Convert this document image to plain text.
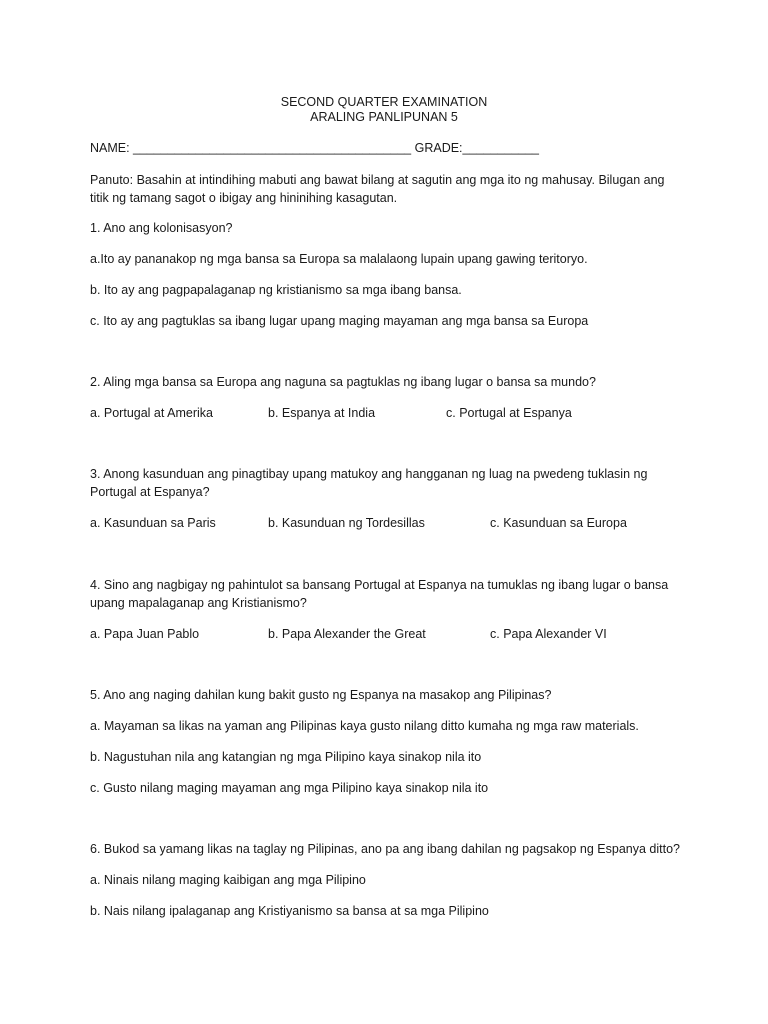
SECOND QUARTER EXAMINATION
ARALING PANLIPUNAN 5
NAME: ________________________________________ GRADE:___________
Panuto: Basahin at intindihing mabuti ang bawat bilang at sagutin ang mga ito ng mahusay. Bilugan ang
titik ng tamang sagot o ibigay ang hininihing kasagutan.
1. Ano ang kolonisasyon?
a.Ito ay pananakop ng mga bansa sa Europa sa malalaong lupain upang gawing teritoryo.
b. Ito ay ang pagpapalaganap ng kristianismo sa mga ibang bansa.
c. Ito ay ang pagtuklas sa ibang lugar upang maging mayaman ang mga bansa sa Europa
2. Aling mga bansa sa Europa ang naguna sa pagtuklas ng ibang lugar o bansa sa mundo?
a. Portugal at Amerika	b. Espanya at India	c. Portugal at Espanya
3. Anong kasunduan ang pinagtibay upang matukoy ang hangganan ng luag na pwedeng tuklasin ng
Portugal at Espanya?
a. Kasunduan sa Paris	b. Kasunduan ng Tordesillas	c. Kasunduan sa Europa
4. Sino ang nagbigay ng pahintulot sa bansang Portugal at Espanya na tumuklas ng ibang lugar o bansa
upang mapalaganap ang Kristianismo?
a. Papa Juan Pablo	b. Papa Alexander the Great	c. Papa Alexander VI
5. Ano ang naging dahilan kung bakit gusto ng Espanya na masakop ang Pilipinas?
a. Mayaman sa likas na yaman ang Pilipinas kaya gusto nilang ditto kumaha ng mga raw materials.
b. Nagustuhan nila ang katangian ng mga Pilipino kaya sinakop nila ito
c. Gusto nilang maging mayaman ang mga Pilipino kaya sinakop nila ito
6. Bukod sa yamang likas na taglay ng Pilipinas, ano pa ang ibang dahilan ng pagsakop ng Espanya ditto?
a. Ninais nilang maging kaibigan ang mga Pilipino
b. Nais nilang ipalaganap ang Kristiyanismo sa bansa at sa mga Pilipino
